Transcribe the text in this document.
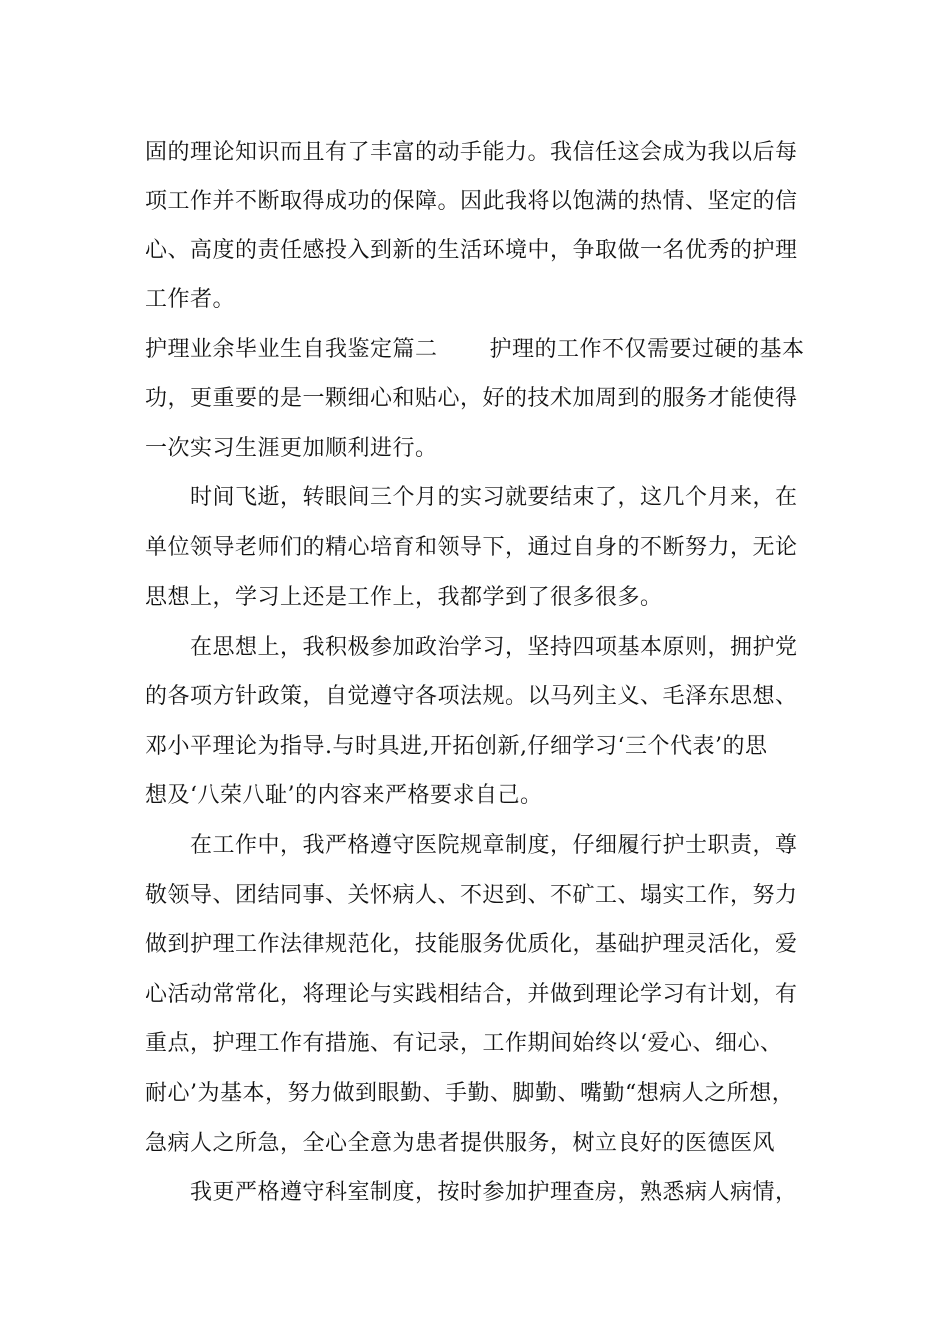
固的理论知识而且有了丰富的动手能力。我信任这会成为我以后每
项工作并不断取得成功的保障。因此我将以饱满的热情、坚定的信
心、高度的责任感投入到新的生活环境中，争取做一名优秀的护理
工作者。
护理业余毕业生自我鉴定篇二 护理的工作不仅需要过硬的基本
功，更重要的是一颗细心和贴心，好的技术加周到的服务才能使得
一次实习生涯更加顺利进行。
时间飞逝，转眼间三个月的实习就要结束了，这几个月来，在
单位领导老师们的精心培育和领导下，通过自身的不断努力，无论
思想上，学习上还是工作上，我都学到了很多很多。
在思想上，我积极参加政治学习，坚持四项基本原则，拥护党
的各项方针政策，自觉遵守各项法规。以马列主义、毛泽东思想、
邓小平理论为指导.与时具进,开拓创新,仔细学习‘三个代表’的思
想及‘八荣八耻’的内容来严格要求自己。
在工作中，我严格遵守医院规章制度，仔细履行护士职责，尊
敬领导、团结同事、关怀病人、不迟到、不矿工、塌实工作，努力
做到护理工作法律规范化，技能服务优质化，基础护理灵活化，爱
心活动常常化，将理论与实践相结合，并做到理论学习有计划，有
重点，护理工作有措施、有记录，工作期间始终以‘爱心、细心、
耐心’为基本，努力做到眼勤、手勤、脚勤、嘴勤“想病人之所想，
急病人之所急，全心全意为患者提供服务，树立良好的医德医风
我更严格遵守科室制度，按时参加护理查房，熟悉病人病情，
